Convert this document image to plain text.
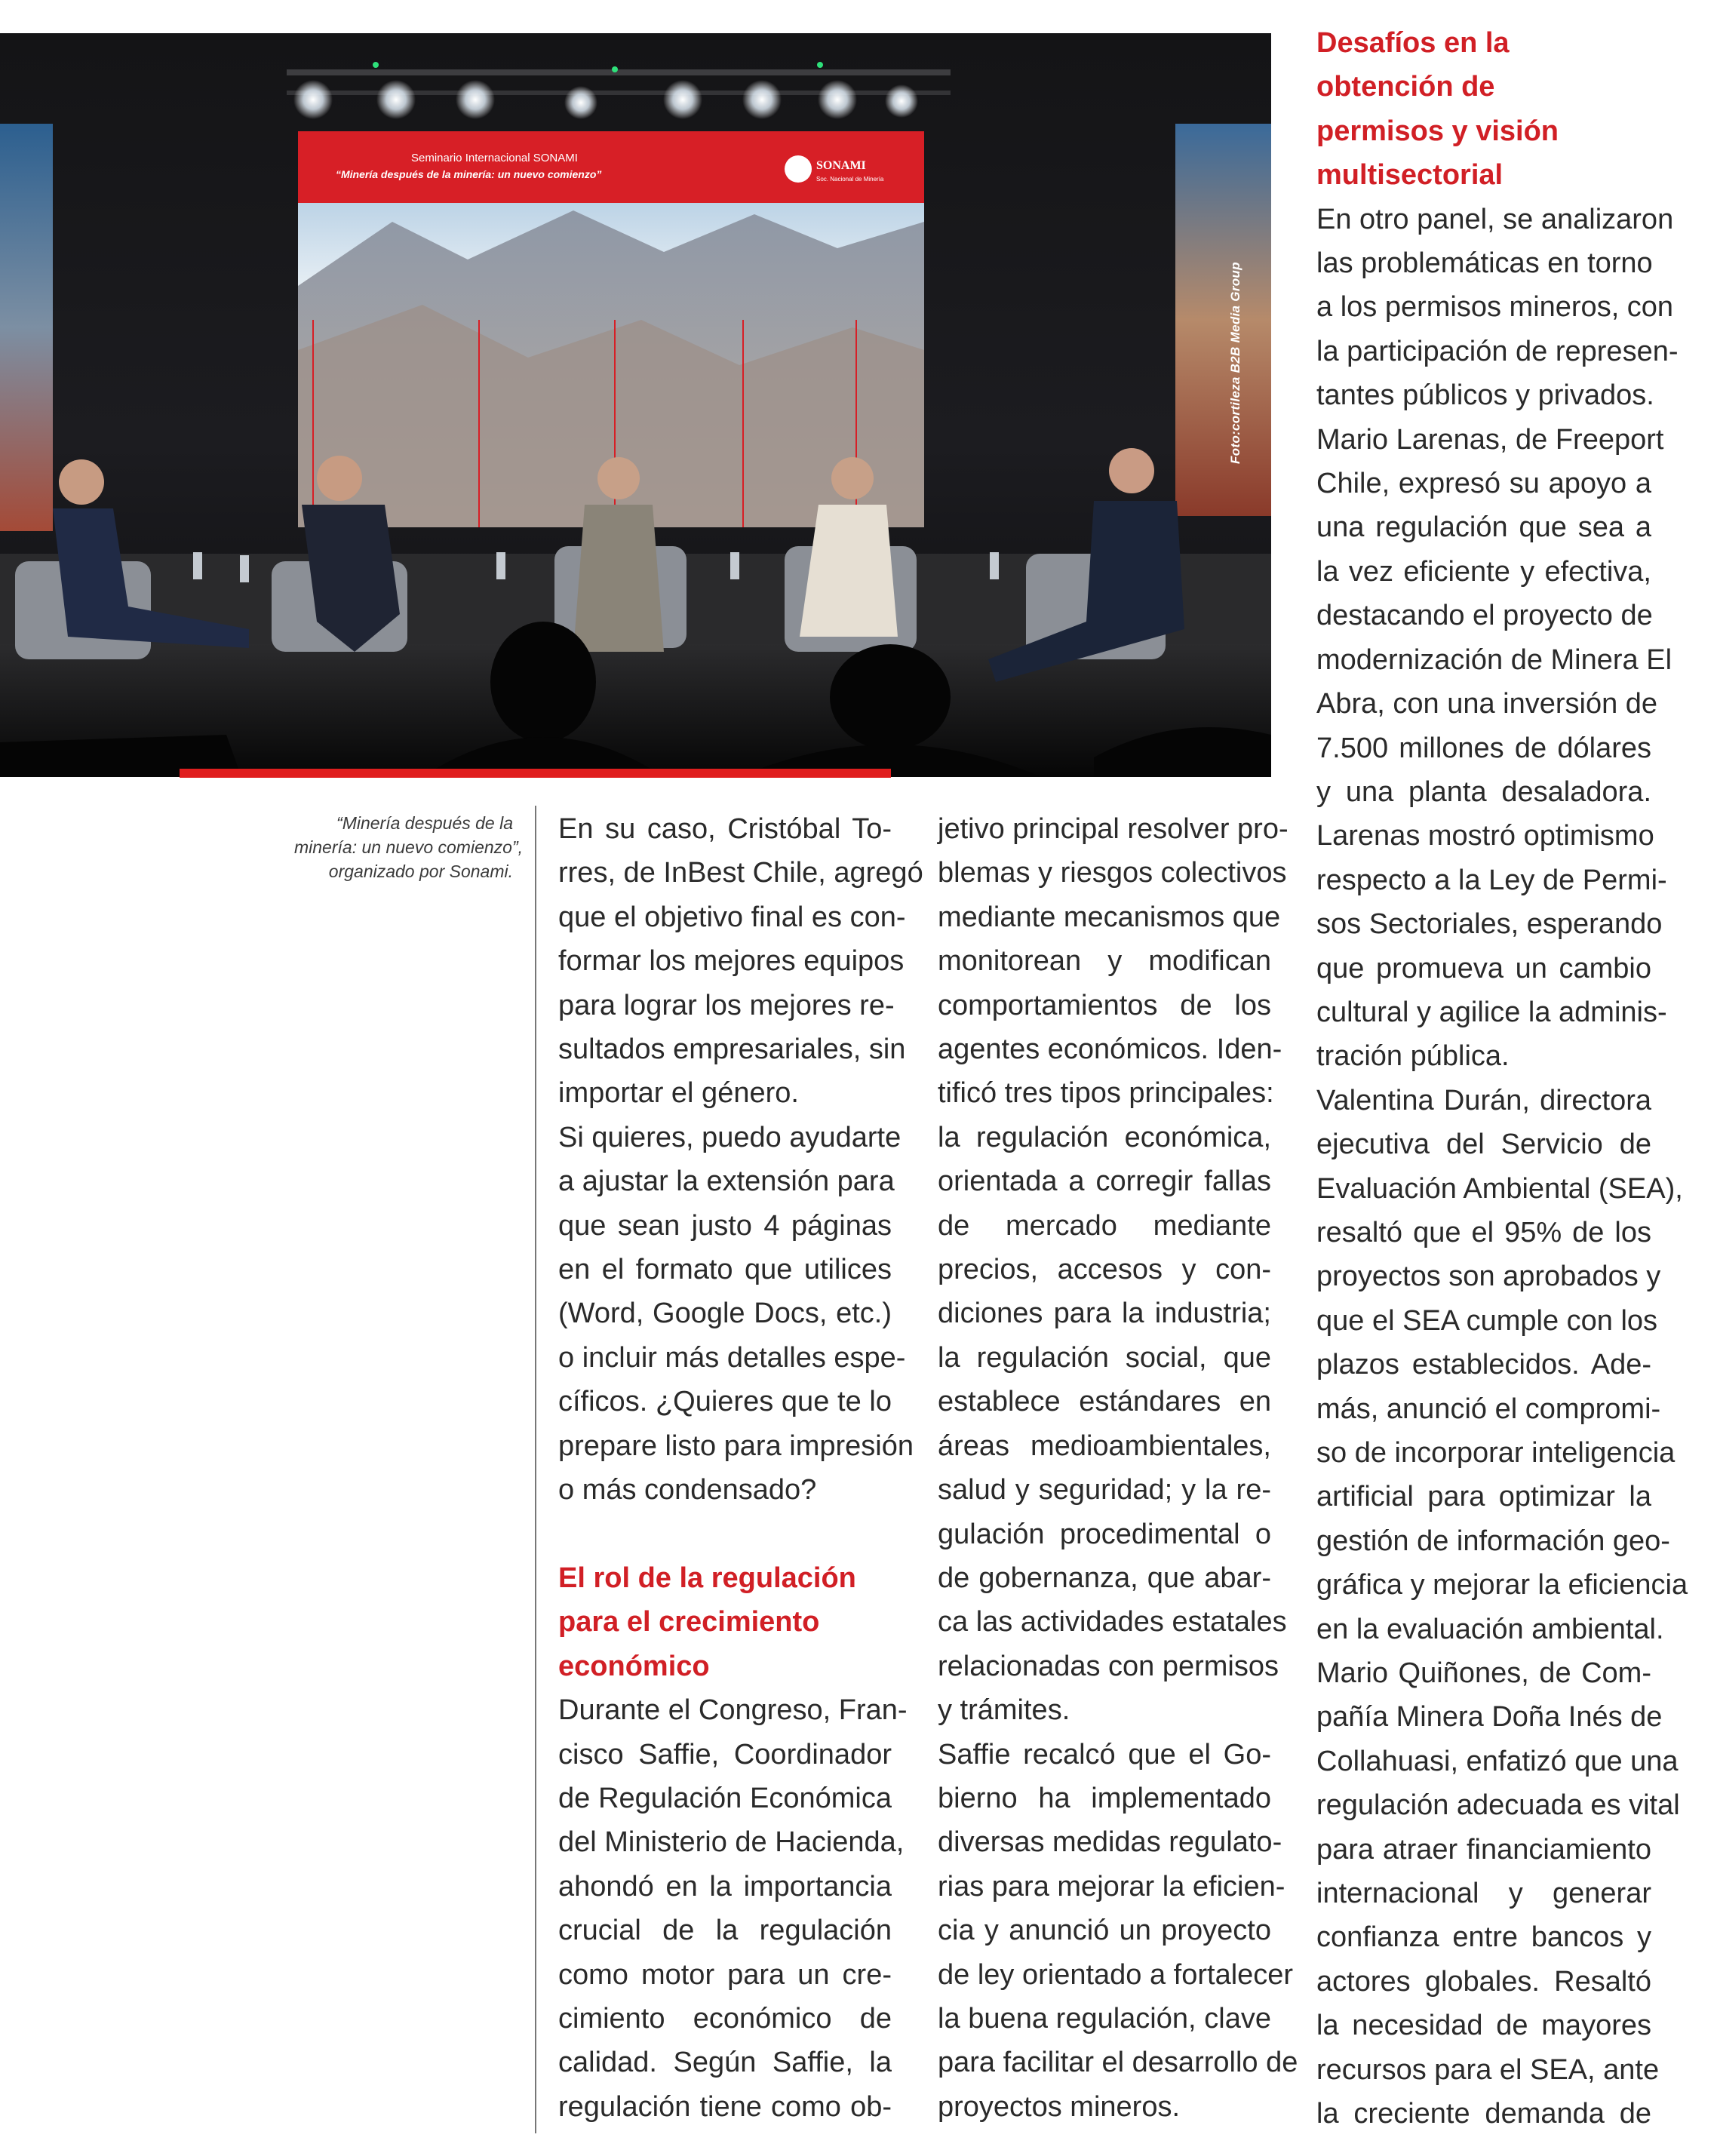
Seminario Internacional SONAMI
“Minería después de la minería: un nuevo comienzo”
SONAMI
Soc. Nacional de Minería
Foto:cortileza B2B Media Group
“Minería después de la
minería: un nuevo comienzo”,
organizado por Sonami.
En su caso, Cristóbal To-
rres, de InBest Chile, agregó
que el objetivo final es con-
formar los mejores equipos
para lograr los mejores re-
sultados empresariales, sin
importar el género.
Si quieres, puedo ayudarte
a ajustar la extensión para
que sean justo 4 páginas
en el formato que utilices
(Word, Google Docs, etc.)
o incluir más detalles espe-
cíficos. ¿Quieres que te lo
prepare listo para impresión
o más condensado?
El rol de la regulación
para el crecimiento
económico
Durante el Congreso, Fran-
cisco Saffie, Coordinador
de Regulación Económica
del Ministerio de Hacienda,
ahondó en la importancia
crucial de la regulación
como motor para un cre-
cimiento económico de
calidad. Según Saffie, la
regulación tiene como ob-
jetivo principal resolver pro-
blemas y riesgos colectivos
mediante mecanismos que
monitorean y modifican
comportamientos de los
agentes económicos. Iden-
tificó tres tipos principales:
la regulación económica,
orientada a corregir fallas
de mercado mediante
precios, accesos y con-
diciones para la industria;
la regulación social, que
establece estándares en
áreas medioambientales,
salud y seguridad; y la re-
gulación procedimental o
de gobernanza, que abar-
ca las actividades estatales
relacionadas con permisos
y trámites.
Saffie recalcó que el Go-
bierno ha implementado
diversas medidas regulato-
rias para mejorar la eficien-
cia y anunció un proyecto
de ley orientado a fortalecer
la buena regulación, clave
para facilitar el desarrollo de
proyectos mineros.
Desafíos en la
obtención de
permisos y visión
multisectorial
En otro panel, se analizaron
las problemáticas en torno
a los permisos mineros, con
la participación de represen-
tantes públicos y privados.
Mario Larenas, de Freeport
Chile, expresó su apoyo a
una regulación que sea a
la vez eficiente y efectiva,
destacando el proyecto de
modernización de Minera El
Abra, con una inversión de
7.500 millones de dólares
y una planta desaladora.
Larenas mostró optimismo
respecto a la Ley de Permi-
sos Sectoriales, esperando
que promueva un cambio
cultural y agilice la adminis-
tración pública.
Valentina Durán, directora
ejecutiva del Servicio de
Evaluación Ambiental (SEA),
resaltó que el 95% de los
proyectos son aprobados y
que el SEA cumple con los
plazos establecidos. Ade-
más, anunció el compromi-
so de incorporar inteligencia
artificial para optimizar la
gestión de información geo-
gráfica y mejorar la eficiencia
en la evaluación ambiental.
Mario Quiñones, de Com-
pañía Minera Doña Inés de
Collahuasi, enfatizó que una
regulación adecuada es vital
para atraer financiamiento
internacional y generar
confianza entre bancos y
actores globales. Resaltó
la necesidad de mayores
recursos para el SEA, ante
la creciente demanda de
